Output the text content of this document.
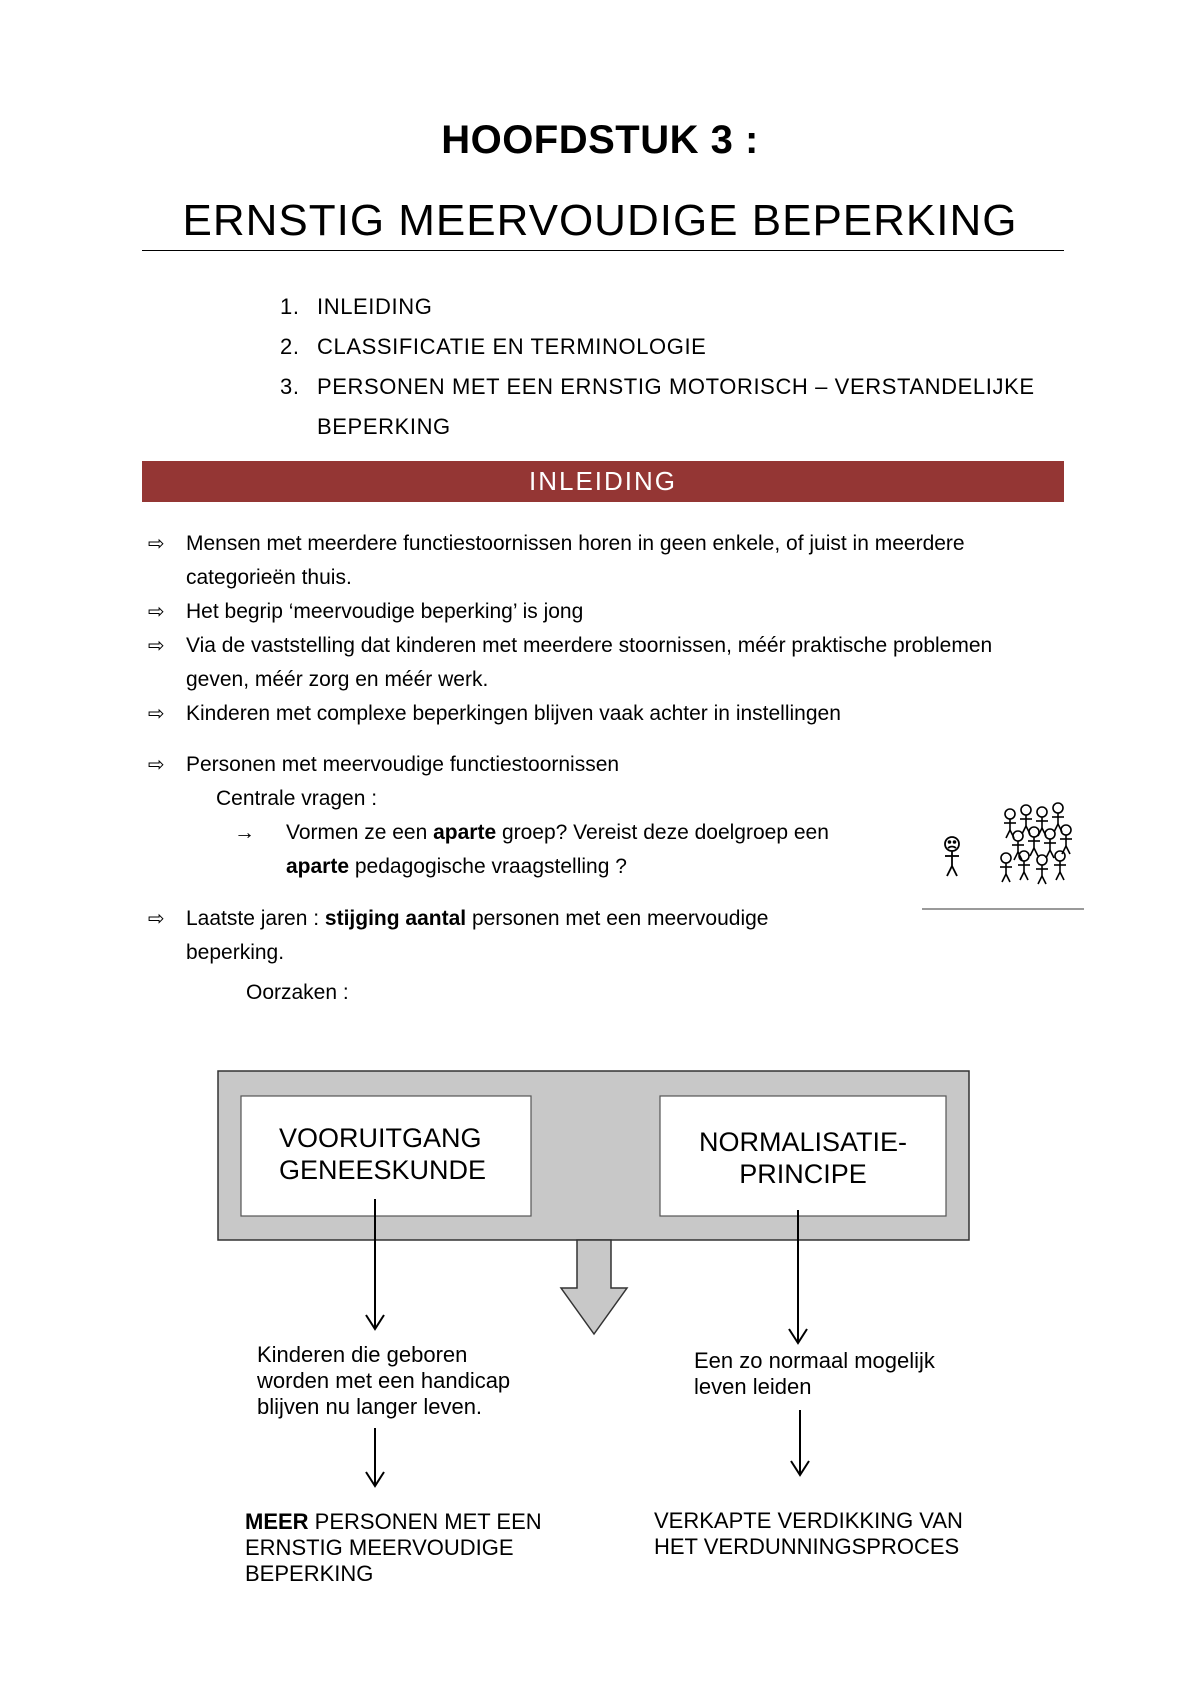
HOOFDSTUK 3 :
ERNSTIG MEERVOUDIGE BEPERKING
1. INLEIDING
2. CLASSIFICATIE EN TERMINOLOGIE
3. PERSONEN MET EEN ERNSTIG MOTORISCH – VERSTANDELIJKE
BEPERKING
INLEIDING
⇨ Mensen met meerdere functiestoornissen horen in geen enkele, of juist in meerdere
categorieën thuis.
⇨ Het begrip ‘meervoudige beperking’ is jong
⇨ Via de vaststelling dat kinderen met meerdere stoornissen, méér praktische problemen
geven, méér zorg en méér werk.
⇨ Kinderen met complexe beperkingen blijven vaak achter in instellingen
⇨ Personen met meervoudige functiestoornissen
Centrale vragen :
→ Vormen ze een aparte groep? Vereist deze doelgroep een
aparte pedagogische vraagstelling ?
⇨ Laatste jaren : stijging aantal personen met een meervoudige
beperking.
Oorzaken :
VOORUITGANG
GENEESKUNDE
NORMALISATIE-
PRINCIPE
Kinderen die geboren
worden met een handicap
blijven nu langer leven.
MEER PERSONEN MET EEN
ERNSTIG MEERVOUDIGE
BEPERKING
Een zo normaal mogelijk
leven leiden
VERKAPTE VERDIKKING VAN
HET VERDUNNINGSPROCES
